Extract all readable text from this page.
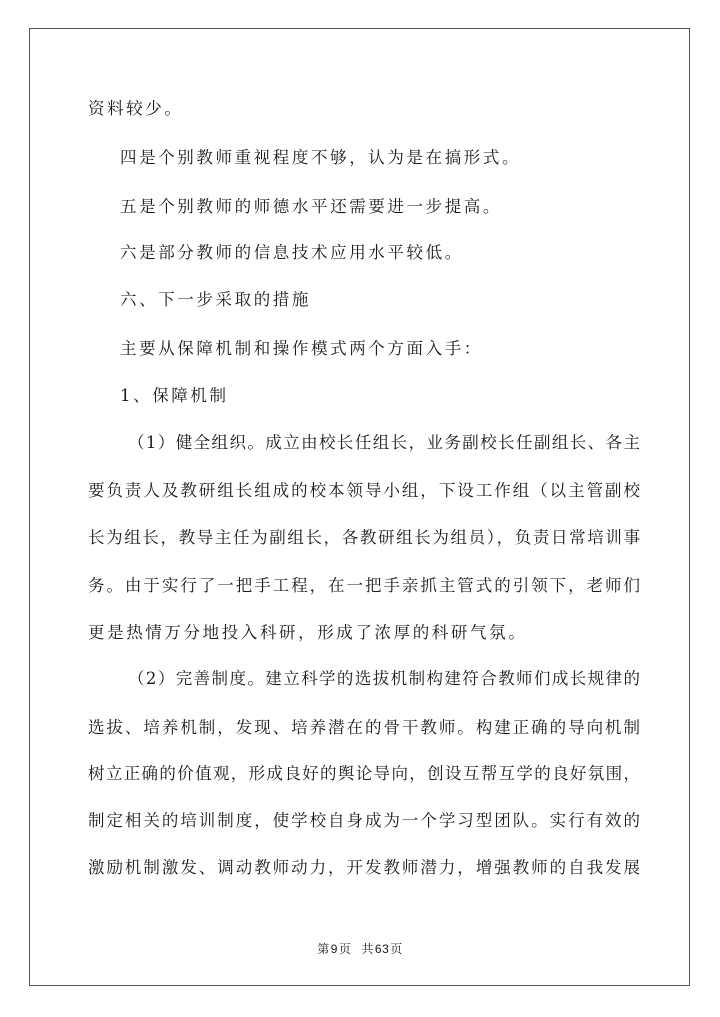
资料较少。
四是个别教师重视程度不够，认为是在搞形式。
五是个别教师的师德水平还需要进一步提高。
六是部分教师的信息技术应用水平较低。
六、下一步采取的措施
主要从保障机制和操作模式两个方面入手：
1、保障机制
（1）健全组织。成立由校长任组长，业务副校长任副组长、各主
要负责人及教研组长组成的校本领导小组，下设工作组（以主管副校
长为组长，教导主任为副组长，各教研组长为组员），负责日常培训事
务。由于实行了一把手工程，在一把手亲抓主管式的引领下，老师们
更是热情万分地投入科研，形成了浓厚的科研气氛。
（2）完善制度。建立科学的选拔机制构建符合教师们成长规律的
选拔、培养机制，发现、培养潜在的骨干教师。构建正确的导向机制
树立正确的价值观，形成良好的舆论导向，创设互帮互学的良好氛围，
制定相关的培训制度，使学校自身成为一个学习型团队。实行有效的
激励机制激发、调动教师动力，开发教师潜力，增强教师的自我发展
第9页 共63页
